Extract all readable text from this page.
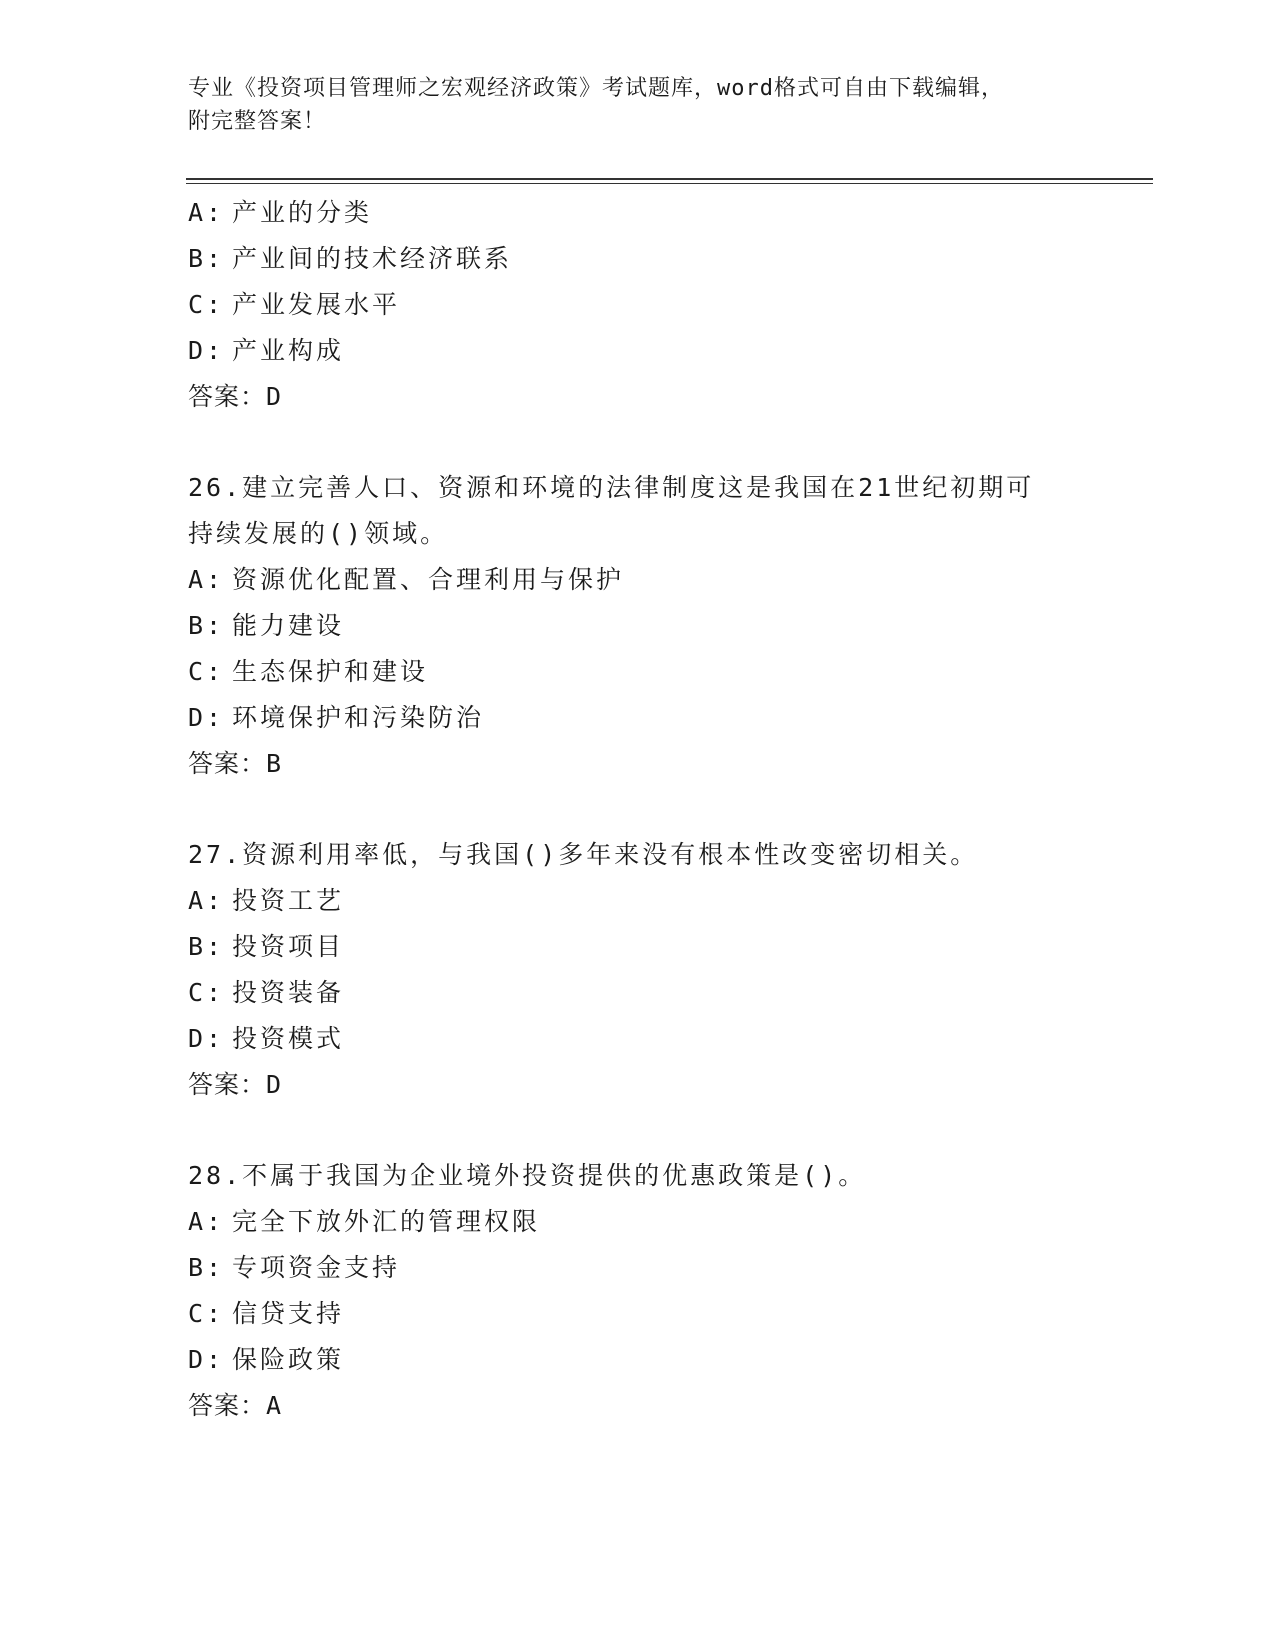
专业《投资项目管理师之宏观经济政策》考试题库，word格式可自由下载编辑，
附完整答案！
A: 产业的分类
B: 产业间的技术经济联系
C: 产业发展水平
D: 产业构成
答案：D
26.建立完善人口、资源和环境的法律制度这是我国在21世纪初期可
持续发展的()领域。
A: 资源优化配置、合理利用与保护
B: 能力建设
C: 生态保护和建设
D: 环境保护和污染防治
答案：B
27.资源利用率低，与我国()多年来没有根本性改变密切相关。
A: 投资工艺
B: 投资项目
C: 投资装备
D: 投资模式
答案：D
28.不属于我国为企业境外投资提供的优惠政策是()。
A: 完全下放外汇的管理权限
B: 专项资金支持
C: 信贷支持
D: 保险政策
答案：A
